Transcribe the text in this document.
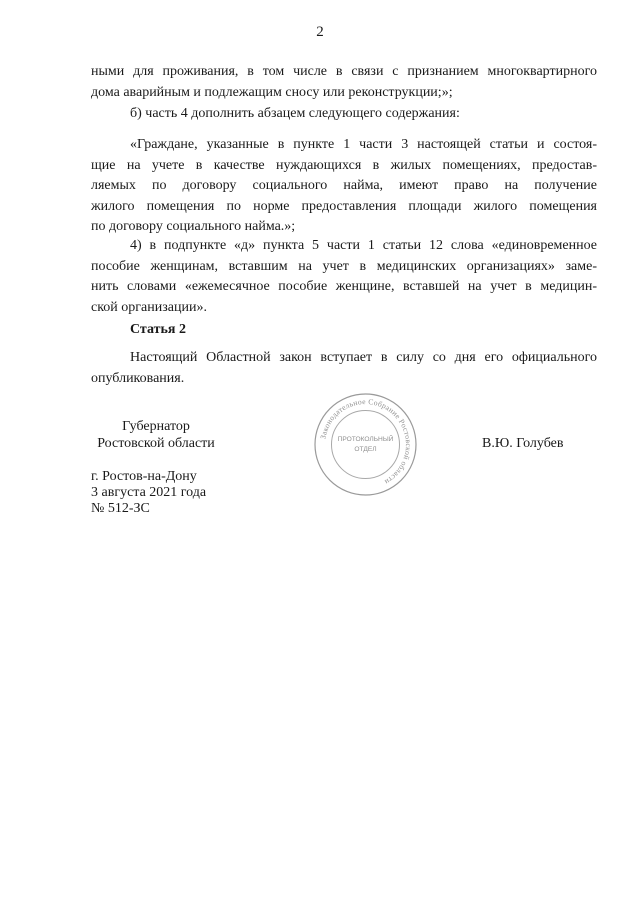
2
ными для проживания, в том числе в связи с признанием многоквартирного
дома аварийным и подлежащим сносу или реконструкции;»;
б) часть 4 дополнить абзацем следующего содержания:
«Граждане, указанные в пункте 1 части 3 настоящей статьи и состоя-
щие на учете в качестве нуждающихся в жилых помещениях, предостав-
ляемых по договору социального найма, имеют право на получение
жилого помещения по норме предоставления площади жилого помещения
по договору социального найма.»;
4) в подпункте «д» пункта 5 части 1 статьи 12 слова «единовременное
пособие женщинам, вставшим на учет в медицинских организациях» заме-
нить словами «ежемесячное пособие женщине, вставшей на учет в медицин-
ской организации».
Статья 2
Настоящий Областной закон вступает в силу со дня его официального
опубликования.
Губернатор
Ростовской области	Законодательное Собрание Ростовской области
ПРОТОКОЛЬНЫЙ
ОТДЕЛ	В.Ю. Голубев
г. Ростов-на-Дону
3 августа 2021 года
№ 512-ЗС
